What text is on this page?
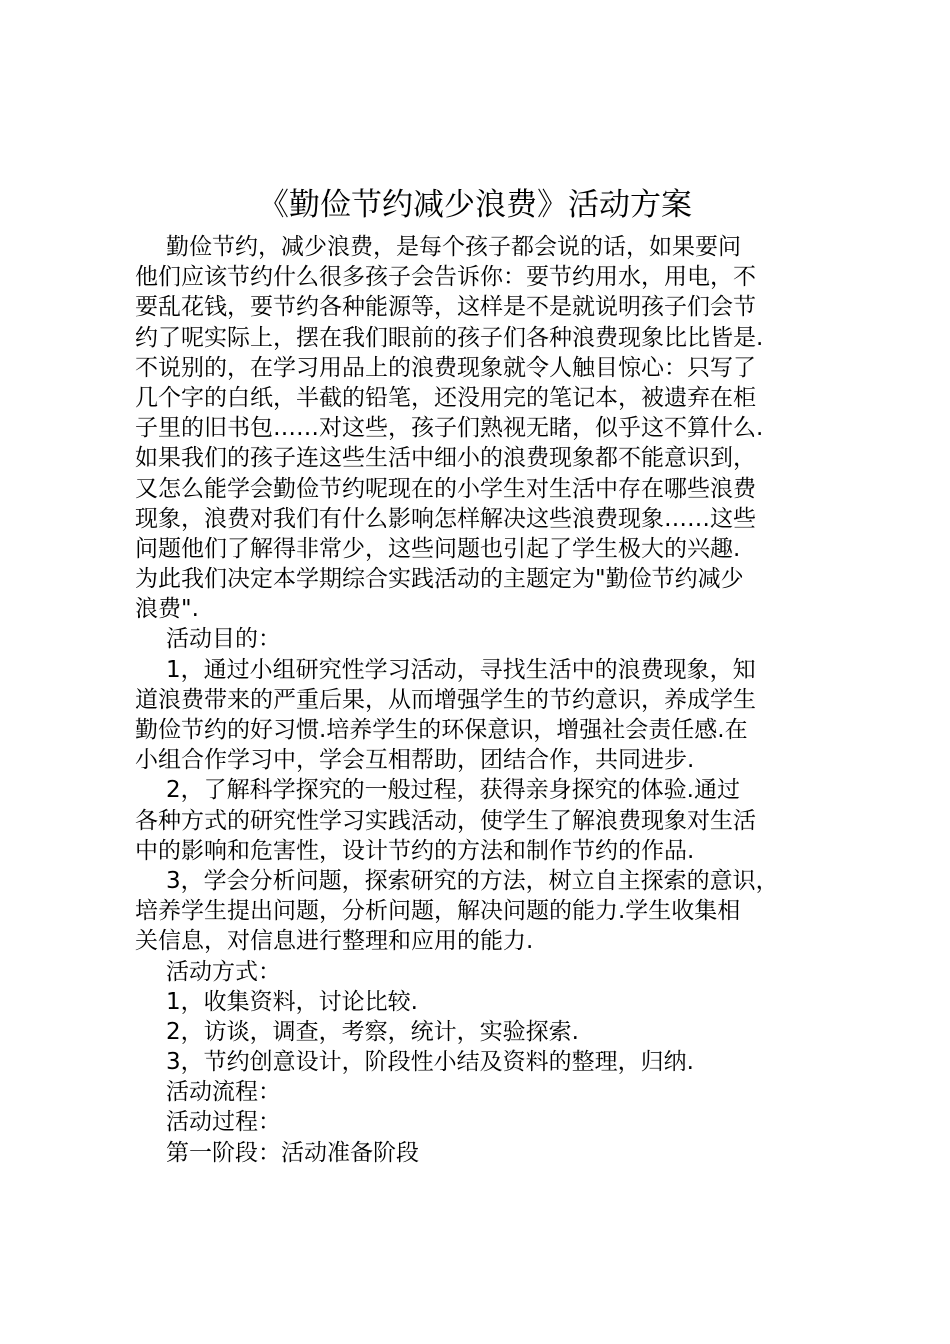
《勤俭节约减少浪费》活动方案
勤俭节约，减少浪费，是每个孩子都会说的话，如果要问
他们应该节约什么很多孩子会告诉你：要节约用水，用电，不
要乱花钱，要节约各种能源等，这样是不是就说明孩子们会节
约了呢实际上，摆在我们眼前的孩子们各种浪费现象比比皆是.
不说别的，在学习用品上的浪费现象就令人触目惊心：只写了
几个字的白纸，半截的铅笔，还没用完的笔记本，被遗弃在柜
子里的旧书包……对这些，孩子们熟视无睹，似乎这不算什么.
如果我们的孩子连这些生活中细小的浪费现象都不能意识到，
又怎么能学会勤俭节约呢现在的小学生对生活中存在哪些浪费
现象，浪费对我们有什么影响怎样解决这些浪费现象……这些
问题他们了解得非常少，这些问题也引起了学生极大的兴趣.
为此我们决定本学期综合实践活动的主题定为"勤俭节约减少
浪费".
活动目的：
1，通过小组研究性学习活动，寻找生活中的浪费现象，知
道浪费带来的严重后果，从而增强学生的节约意识，养成学生
勤俭节约的好习惯.培养学生的环保意识，增强社会责任感.在
小组合作学习中，学会互相帮助，团结合作，共同进步.
2，了解科学探究的一般过程，获得亲身探究的体验.通过
各种方式的研究性学习实践活动，使学生了解浪费现象对生活
中的影响和危害性，设计节约的方法和制作节约的作品.
3，学会分析问题，探索研究的方法，树立自主探索的意识，
培养学生提出问题，分析问题，解决问题的能力.学生收集相
关信息，对信息进行整理和应用的能力.
活动方式：
1，收集资料，讨论比较.
2，访谈，调查，考察，统计，实验探索.
3，节约创意设计，阶段性小结及资料的整理，归纳.
活动流程：
活动过程：
第一阶段：活动准备阶段
